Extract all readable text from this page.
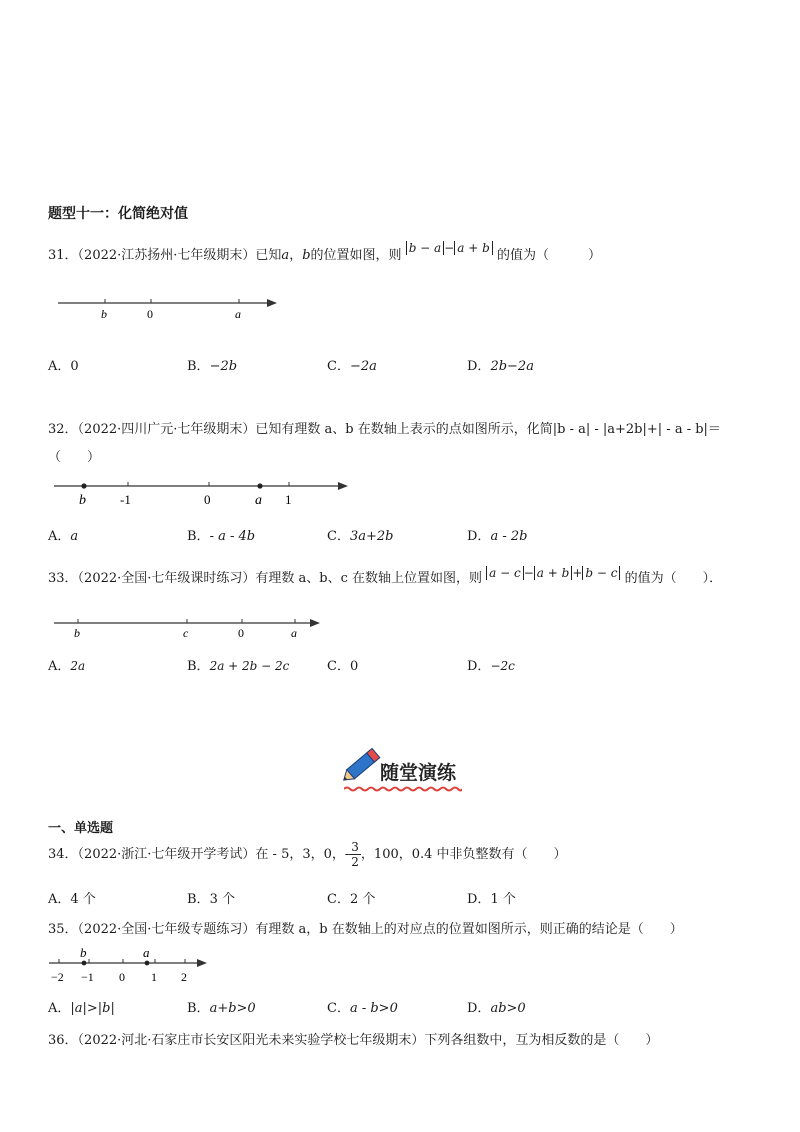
题型十一：化简绝对值
31．（2022·江苏扬州·七年级期末）已知a，b的位置如图，则 b − a − a + b 的值为（　　　）
b	0	a
A．0	B．−2b	C．−2a	D．2b−2a
32．（2022·四川广元·七年级期末）已知有理数 a、b 在数轴上表示的点如图所示，化简|b - a| - |a+2b|+| - a - b|＝
（　　）
b	-1	0	a 1
A．a	B．- a - 4b	C．3a+2b	D．a - 2b
33．（2022·全国·七年级课时练习）有理数 a、b、c 在数轴上位置如图，则 a − c − a + b + b − c 的值为（　　）．
b	c	0	a
A．2a	B．2a + 2b − 2c	C．0	D．−2c
随堂演练
一、单选题
34．（2022·浙江·七年级开学考试）在 - 5，3，0，- $\frac{3}{2}$，100，0.4 中非负整数有（　　）
A．4 个	B．3 个	C．2 个	D．1 个
35．（2022·全国·七年级专题练习）有理数 a，b 在数轴上的对应点的位置如图所示，则正确的结论是（　　）
b	a
−2 −1 0 1 2
A．|a|>|b|	B．a+b>0	C．a - b>0	D．ab>0
36．（2022·河北·石家庄市长安区阳光未来实验学校七年级期末）下列各组数中，互为相反数的是（　　）
